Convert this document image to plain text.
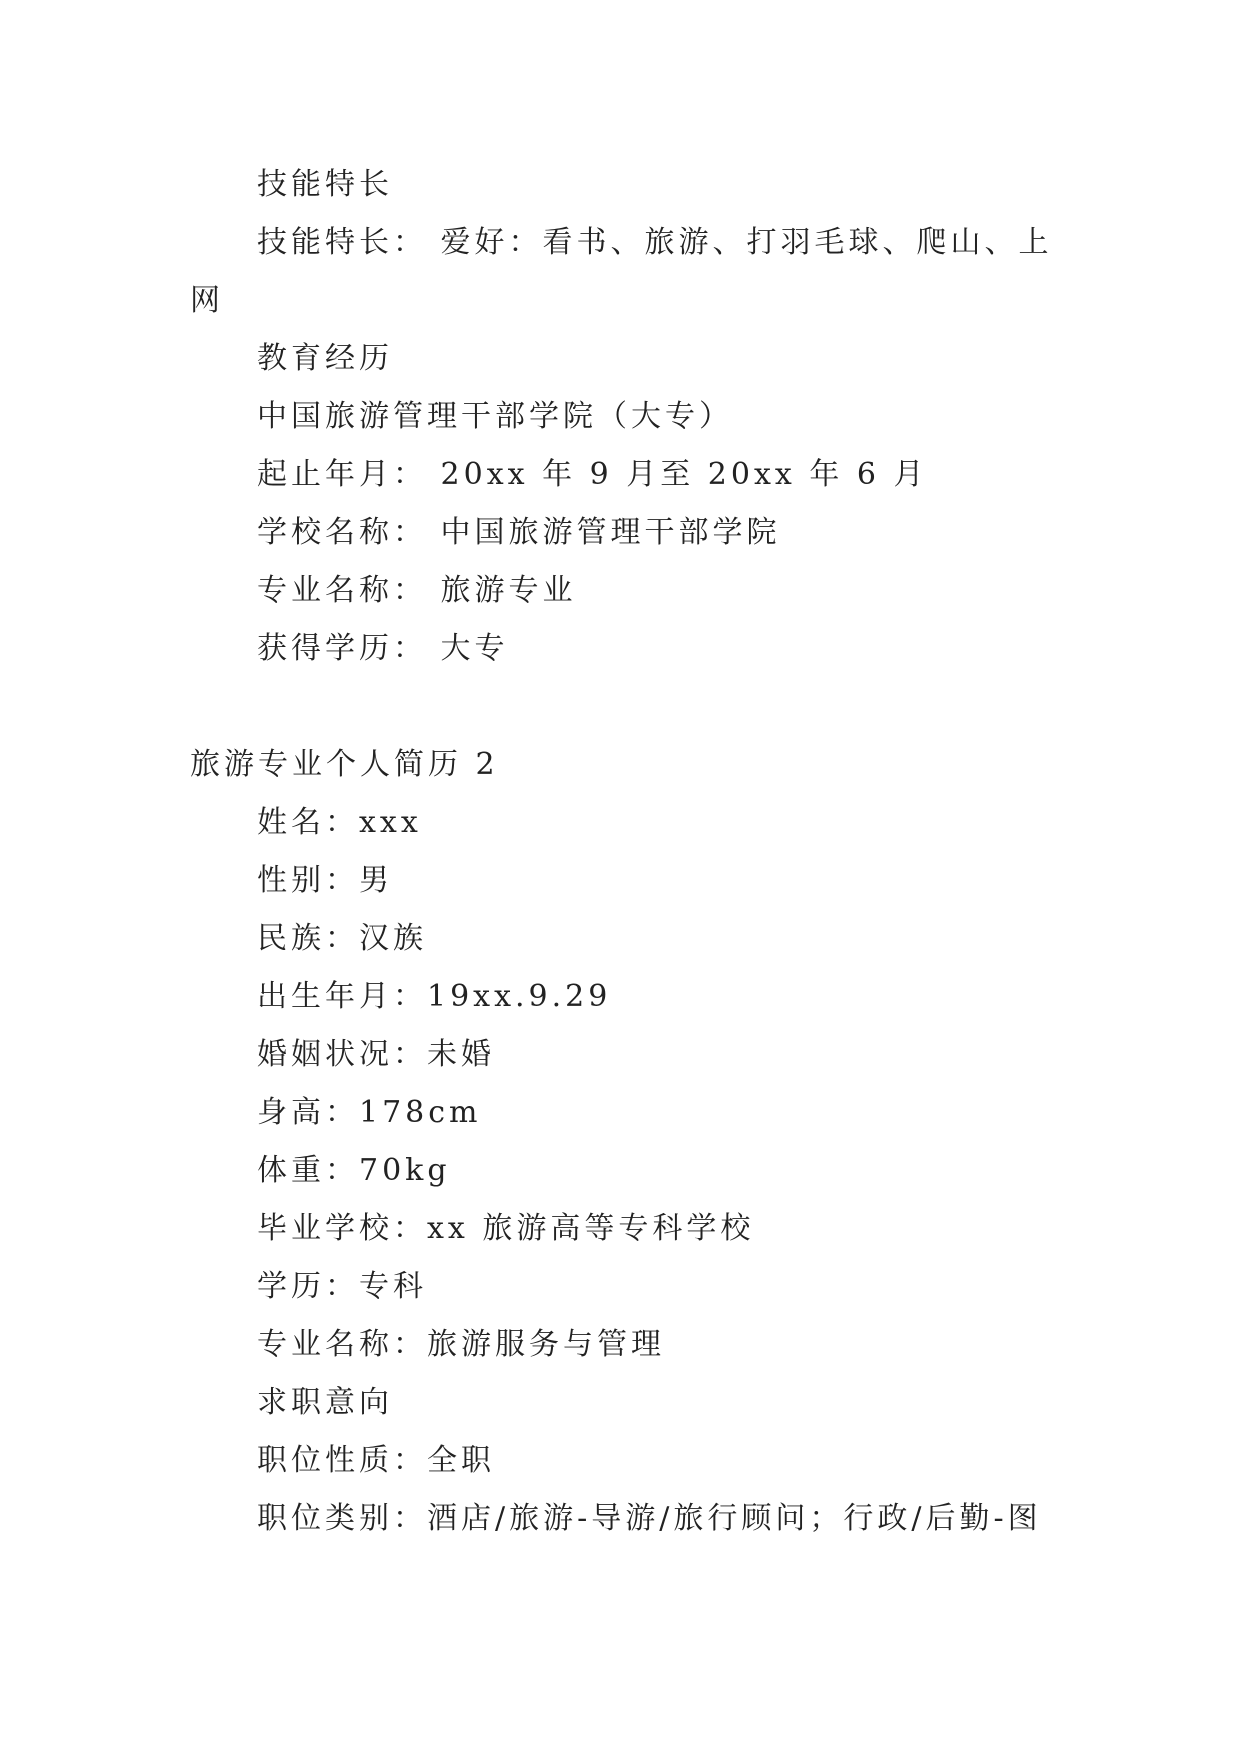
技能特长
技能特长： 爱好：看书、旅游、打羽毛球、爬山、上
网
教育经历
中国旅游管理干部学院（大专）
起止年月： 20xx 年 9 月至 20xx 年 6 月
学校名称： 中国旅游管理干部学院
专业名称： 旅游专业
获得学历： 大专
旅游专业个人简历 2
姓名：xxx
性别：男
民族：汉族
出生年月：19xx.9.29
婚姻状况：未婚
身高：178cm
体重：70kg
毕业学校：xx 旅游高等专科学校
学历：专科
专业名称：旅游服务与管理
求职意向
职位性质：全职
职位类别：酒店/旅游-导游/旅行顾问；行政/后勤-图
